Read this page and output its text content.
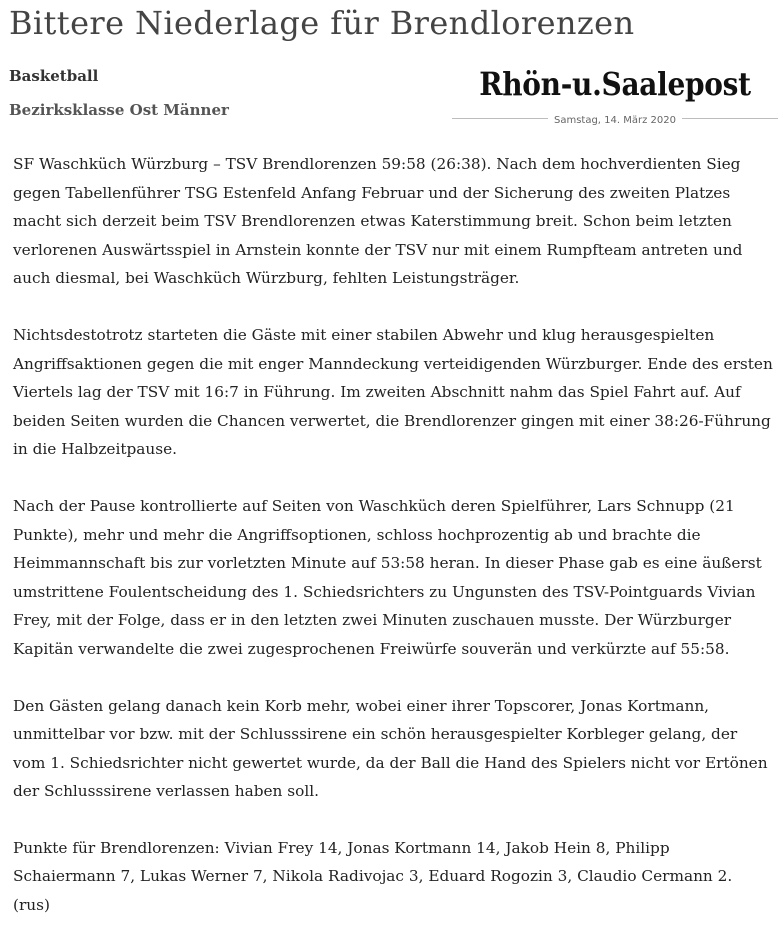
Bittere Niederlage für Brendlorenzen
Basketball
Bezirksklasse Ost Männer
Rhön-u.Saalepost
Samstag, 14. März 2020

SF Waschküch Würzburg – TSV Brendlorenzen 59:58 (26:38). Nach dem hochverdienten Sieg gegen Tabellenführer TSG Estenfeld Anfang Februar und der Sicherung des zweiten Platzes macht sich derzeit beim TSV Brendlorenzen etwas Katerstimmung breit. Schon beim letzten verlorenen Auswärtsspiel in Arnstein konnte der TSV nur mit einem Rumpfteam antreten und auch diesmal, bei Waschküch Würzburg, fehlten Leistungsträger.

Nichtsdestotrotz starteten die Gäste mit einer stabilen Abwehr und klug herausgespielten Angriffsaktionen gegen die mit enger Manndeckung verteidigenden Würzburger. Ende des ersten Viertels lag der TSV mit 16:7 in Führung. Im zweiten Abschnitt nahm das Spiel Fahrt auf. Auf beiden Seiten wurden die Chancen verwertet, die Brendlorenzer gingen mit einer 38:26-Führung in die Halbzeitpause.

Nach der Pause kontrollierte auf Seiten von Waschküch deren Spielführer, Lars Schnupp (21 Punkte), mehr und mehr die Angriffsoptionen, schloss hochprozentig ab und brachte die Heimmannschaft bis zur vorletzten Minute auf 53:58 heran. In dieser Phase gab es eine äußerst umstrittene Foulentscheidung des 1. Schiedsrichters zu Ungunsten des TSV-Pointguards Vivian Frey, mit der Folge, dass er in den letzten zwei Minuten zuschauen musste. Der Würzburger Kapitän verwandelte die zwei zugesprochenen Freiwürfe souverän und verkürzte auf 55:58.

Den Gästen gelang danach kein Korb mehr, wobei einer ihrer Topscorer, Jonas Kortmann, unmittelbar vor bzw. mit der Schlusssirene ein schön herausgespielter Korbleger gelang, der vom 1. Schiedsrichter nicht gewertet wurde, da der Ball die Hand des Spielers nicht vor Ertönen der Schlusssirene verlassen haben soll.

Punkte für Brendlorenzen: Vivian Frey 14, Jonas Kortmann 14, Jakob Hein 8, Philipp Schaiermann 7, Lukas Werner 7, Nikola Radivojac 3, Eduard Rogozin 3, Claudio Cermann 2. (rus)
